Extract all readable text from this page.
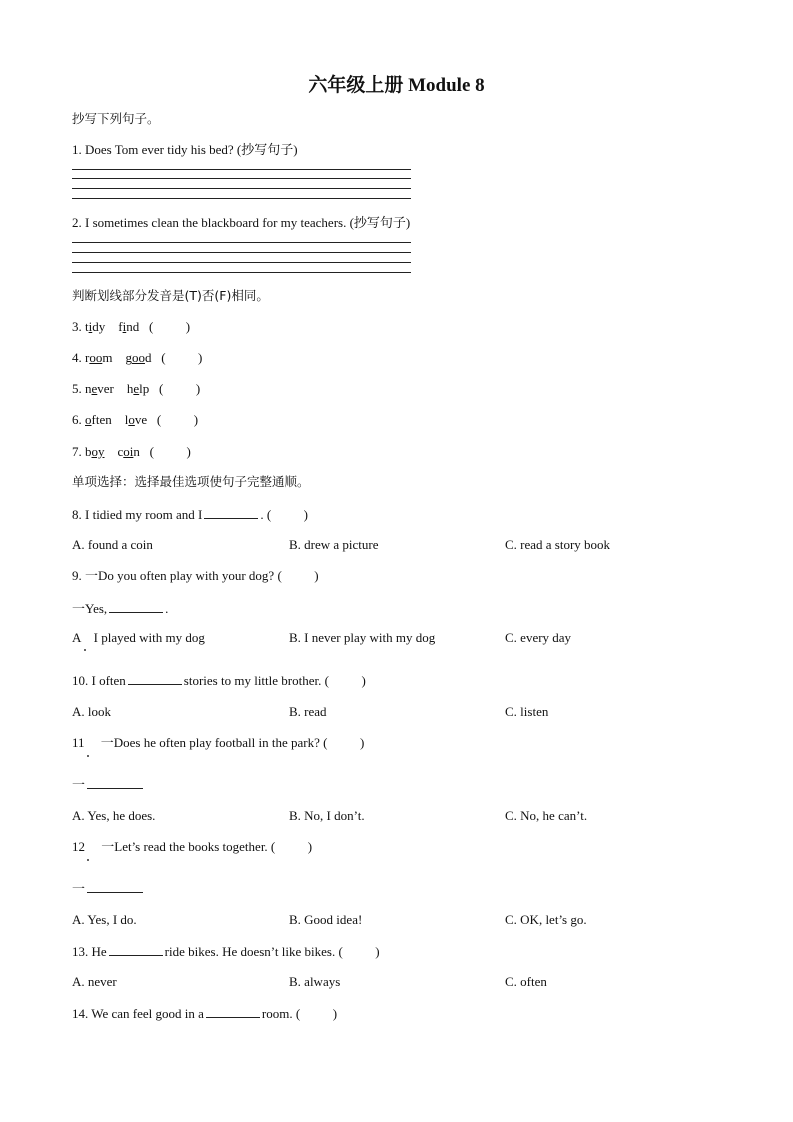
六年级上册 Module 8
抄写下列句子。
1. Does Tom ever tidy his bed? (抄写句子)
2. I sometimes clean the blackboard for my teachers. (抄写句子)
判断划线部分发音是(T)否(F)相同。
3. tidy find (          )
4. room good (          )
5. never help (          )
6. often love (          )
7. boy coin (          )
单项选择：选择最佳选项使句子完整通顺。
8. I tidied my room and I	. (          )
A. found a coin	B. drew a picture	C. read a story book
9. 一Do you often play with your dog? (          )
一Yes,	.
A    I played with my dog	B. I never play with my dog	C. every day
10. I often	stories to my little brother. (          )
A. look	B. read	C. listen
11     一Does he often play football in the park? (          )
一
A. Yes, he does.	B. No, I don’t.	C. No, he can’t.
12     一Let’s read the books together. (          )
一
A. Yes, I do.	B. Good idea!	C. OK, let’s go.
13. He	ride bikes. He doesn’t like bikes. (          )
A. never	B. always	C. often
14. We can feel good in a	room. (          )
